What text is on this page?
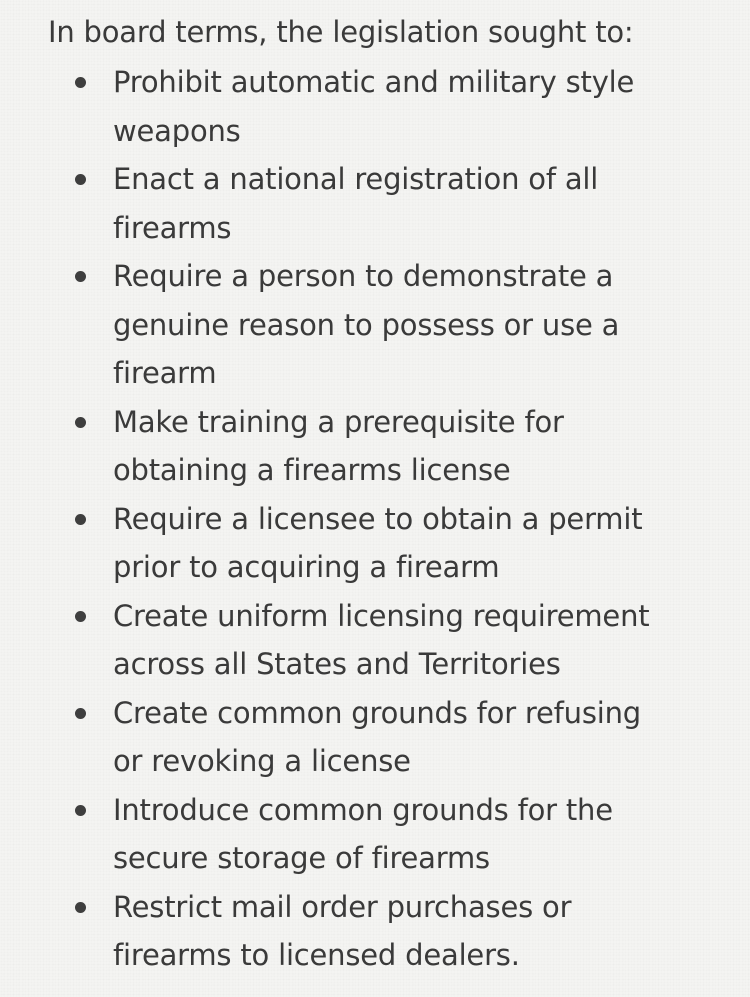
In board terms, the legislation sought to:

Prohibit automatic and military style
weapons
Enact a national registration of all
firearms
Require a person to demonstrate a
genuine reason to possess or use a
firearm
Make training a prerequisite for
obtaining a firearms license
Require a licensee to obtain a permit
prior to acquiring a firearm
Create uniform licensing requirement
across all States and Territories
Create common grounds for refusing
or revoking a license
Introduce common grounds for the
secure storage of firearms
Restrict mail order purchases or
firearms to licensed dealers.
